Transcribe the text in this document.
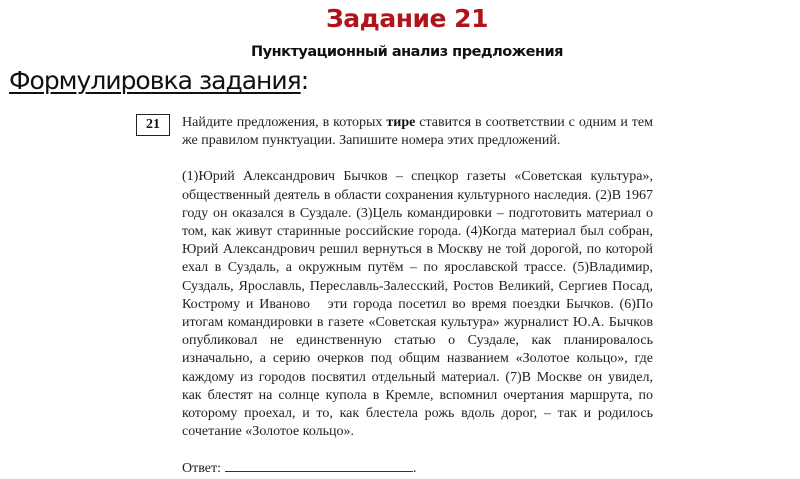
Задание 21
Пунктуационный анализ предложения
Формулировка задания:
21	Найдите предложения, в которых тире ставится в соответствии с одним и тем же правилом пунктуации. Запишите номера этих предложений.

(1)Юрий Александрович Бычков – спецкор газеты «Советская культура», общественный деятель в области сохранения культурного наследия. (2)В 1967 году он оказался в Суздале. (3)Цель командировки – подготовить материал о том, как живут старинные российские города. (4)Когда материал был собран, Юрий Александрович решил вернуться в Москву не той дорогой, по которой ехал в Суздаль, а окружным путём – по ярославской трассе. (5)Владимир, Суздаль, Ярославль, Переславль-Залесский, Ростов Великий, Сергиев Посад, Кострому и Иваново   эти города посетил во время поездки Бычков. (6)По итогам командировки в газете «Советская культура» журналист Ю.А. Бычков опубликовал не единственную статью о Суздале, как планировалось изначально, а серию очерков под общим названием «Золотое кольцо», где каждому из городов посвятил отдельный материал. (7)В Москве он увидел, как блестят на солнце купола в Кремле, вспомнил очертания маршрута, по которому проехал, и то, как блестела рожь вдоль дорог, – так и родилось сочетание «Золотое кольцо».

Ответ:	.
